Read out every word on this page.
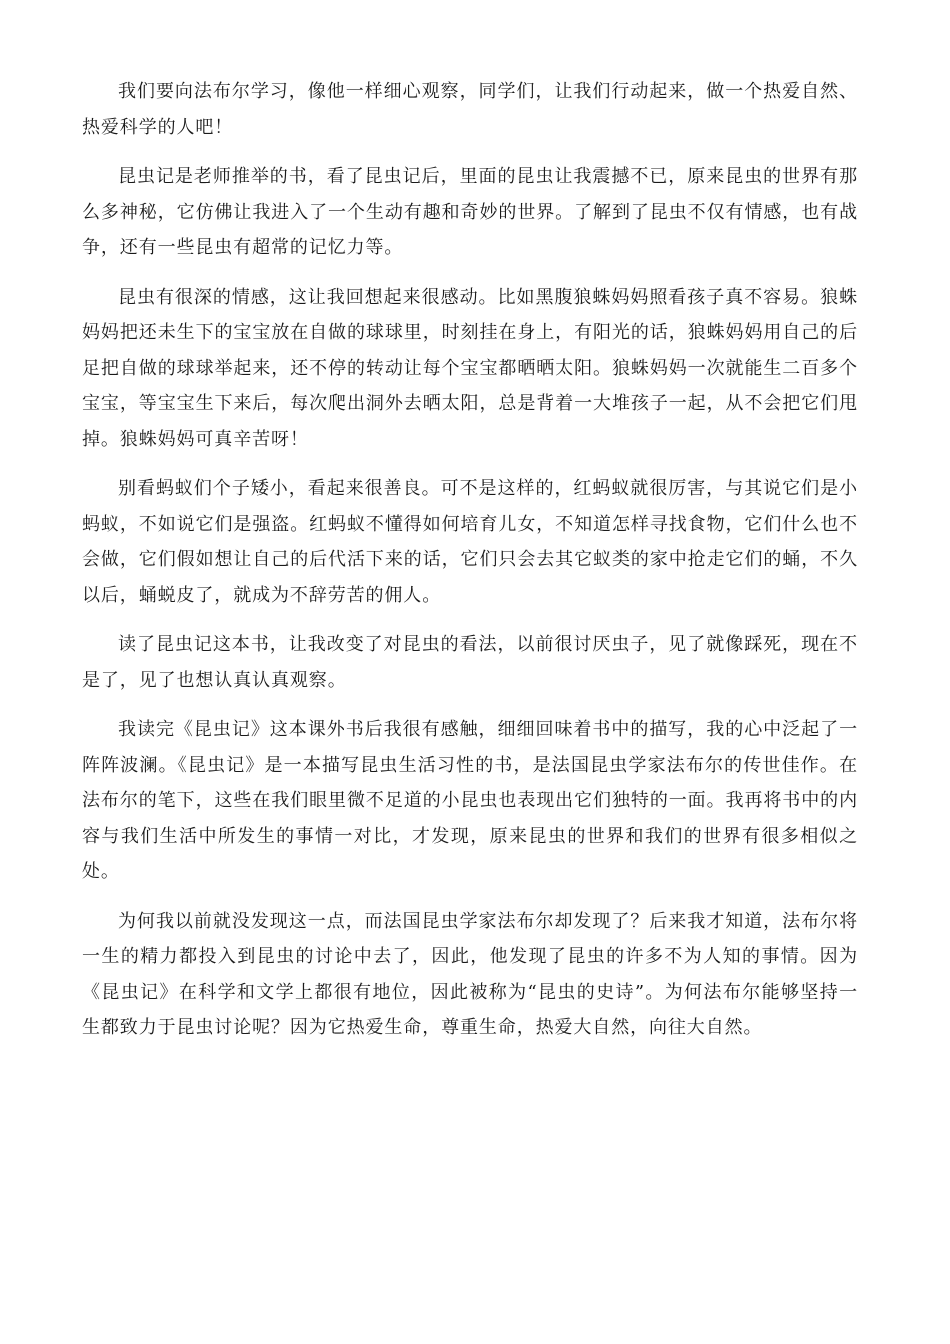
我们要向法布尔学习，像他一样细心观察，同学们，让我们行动起来，做一个热爱自然、热爱科学的人吧！

昆虫记是老师推举的书，看了昆虫记后，里面的昆虫让我震撼不已，原来昆虫的世界有那么多神秘，它仿佛让我进入了一个生动有趣和奇妙的世界。了解到了昆虫不仅有情感，也有战争，还有一些昆虫有超常的记忆力等。

昆虫有很深的情感，这让我回想起来很感动。比如黑腹狼蛛妈妈照看孩子真不容易。狼蛛妈妈把还未生下的宝宝放在自做的球球里，时刻挂在身上，有阳光的话，狼蛛妈妈用自己的后足把自做的球球举起来，还不停的转动让每个宝宝都晒晒太阳。狼蛛妈妈一次就能生二百多个宝宝，等宝宝生下来后，每次爬出洞外去晒太阳，总是背着一大堆孩子一起，从不会把它们甩掉。狼蛛妈妈可真辛苦呀！

别看蚂蚁们个子矮小，看起来很善良。可不是这样的，红蚂蚁就很厉害，与其说它们是小蚂蚁，不如说它们是强盗。红蚂蚁不懂得如何培育儿女，不知道怎样寻找食物，它们什么也不会做，它们假如想让自己的后代活下来的话，它们只会去其它蚁类的家中抢走它们的蛹，不久以后，蛹蜕皮了，就成为不辞劳苦的佣人。

读了昆虫记这本书，让我改变了对昆虫的看法，以前很讨厌虫子，见了就像踩死，现在不是了，见了也想认真认真观察。

我读完《昆虫记》这本课外书后我很有感触，细细回味着书中的描写，我的心中泛起了一阵阵波澜。《昆虫记》是一本描写昆虫生活习性的书，是法国昆虫学家法布尔的传世佳作。在法布尔的笔下，这些在我们眼里微不足道的小昆虫也表现出它们独特的一面。我再将书中的内容与我们生活中所发生的事情一对比，才发现，原来昆虫的世界和我们的世界有很多相似之处。

为何我以前就没发现这一点，而法国昆虫学家法布尔却发现了？后来我才知道，法布尔将一生的精力都投入到昆虫的讨论中去了，因此，他发现了昆虫的许多不为人知的事情。因为《昆虫记》在科学和文学上都很有地位，因此被称为“昆虫的史诗”。为何法布尔能够坚持一生都致力于昆虫讨论呢？因为它热爱生命，尊重生命，热爱大自然，向往大自然。
